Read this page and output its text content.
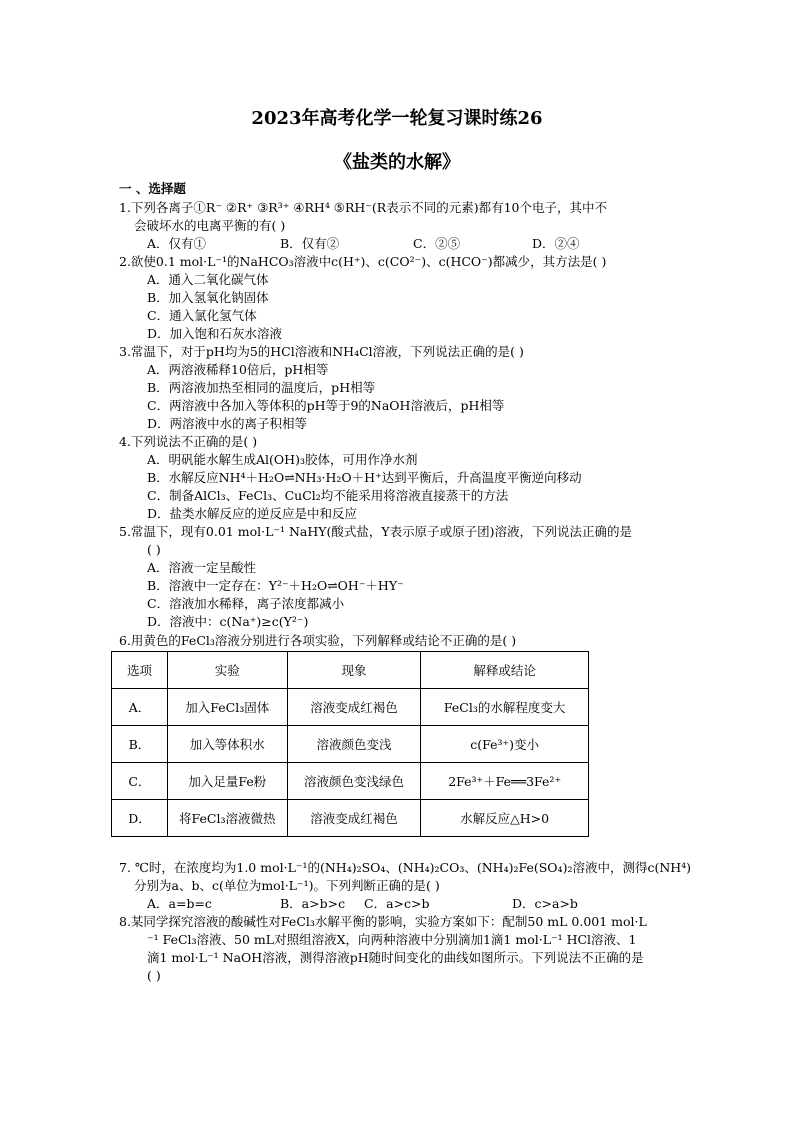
2023年高考化学一轮复习课时练26
《盐类的水解》
一 、选择题
1.下列各离子①R⁻ ②R⁺ ③R³⁺ ④RH⁴ ⑤RH⁻(R表示不同的元素)都有10个电子，其中不
会破坏水的电离平衡的有( )
A．仅有①	B．仅有②	C．②⑤	D．②④
2.欲使0.1 mol·L⁻¹的NaHCO₃溶液中c(H⁺)、c(CO²⁻)、c(HCO⁻)都减少，其方法是( )
A．通入二氧化碳气体
B．加入氢氧化钠固体
C．通入氯化氢气体
D．加入饱和石灰水溶液
3.常温下，对于pH均为5的HCl溶液和NH₄Cl溶液，下列说法正确的是( )
A．两溶液稀释10倍后，pH相等
B．两溶液加热至相同的温度后，pH相等
C．两溶液中各加入等体积的pH等于9的NaOH溶液后，pH相等
D．两溶液中水的离子积相等
4.下列说法不正确的是( )
A．明矾能水解生成Al(OH)₃胶体，可用作净水剂
B．水解反应NH⁴＋H₂O⇌NH₃·H₂O＋H⁺达到平衡后，升高温度平衡逆向移动
C．制备AlCl₃、FeCl₃、CuCl₂均不能采用将溶液直接蒸干的方法
D．盐类水解反应的逆反应是中和反应
5.常温下，现有0.01 mol·L⁻¹ NaHY(酸式盐，Y表示原子或原子团)溶液，下列说法正确的是
( )
A．溶液一定呈酸性
B．溶液中一定存在：Y²⁻＋H₂O⇌OH⁻＋HY⁻
C．溶液加水稀释，离子浓度都减小
D．溶液中：c(Na⁺)≥c(Y²⁻)
6.用黄色的FeCl₃溶液分别进行各项实验，下列解释或结论不正确的是( )
选项	实验	现象	解释或结论
A．	加入FeCl₃固体	溶液变成红褐色	FeCl₃的水解程度变大
B．	加入等体积水	溶液颜色变浅	c(Fe³⁺)变小
C．	加入足量Fe粉	溶液颜色变浅绿色	2Fe³⁺＋Fe══3Fe²⁺
D．	将FeCl₃溶液微热	溶液变成红褐色	水解反应△H>0
7. ℃时，在浓度均为1.0 mol·L⁻¹的(NH₄)₂SO₄、(NH₄)₂CO₃、(NH₄)₂Fe(SO₄)₂溶液中，测得c(NH⁴)
分别为a、b、c(单位为mol·L⁻¹)。下列判断正确的是( )
A．a=b=c	B．a>b>c C．a>c>b	D．c>a>b
8.某同学探究溶液的酸碱性对FeCl₃水解平衡的影响，实验方案如下：配制50 mL 0.001 mol·L
⁻¹ FeCl₃溶液、50 mL对照组溶液X，向两种溶液中分别滴加1滴1 mol·L⁻¹ HCl溶液、1
滴1 mol·L⁻¹ NaOH溶液，测得溶液pH随时间变化的曲线如图所示。下列说法不正确的是
( )
